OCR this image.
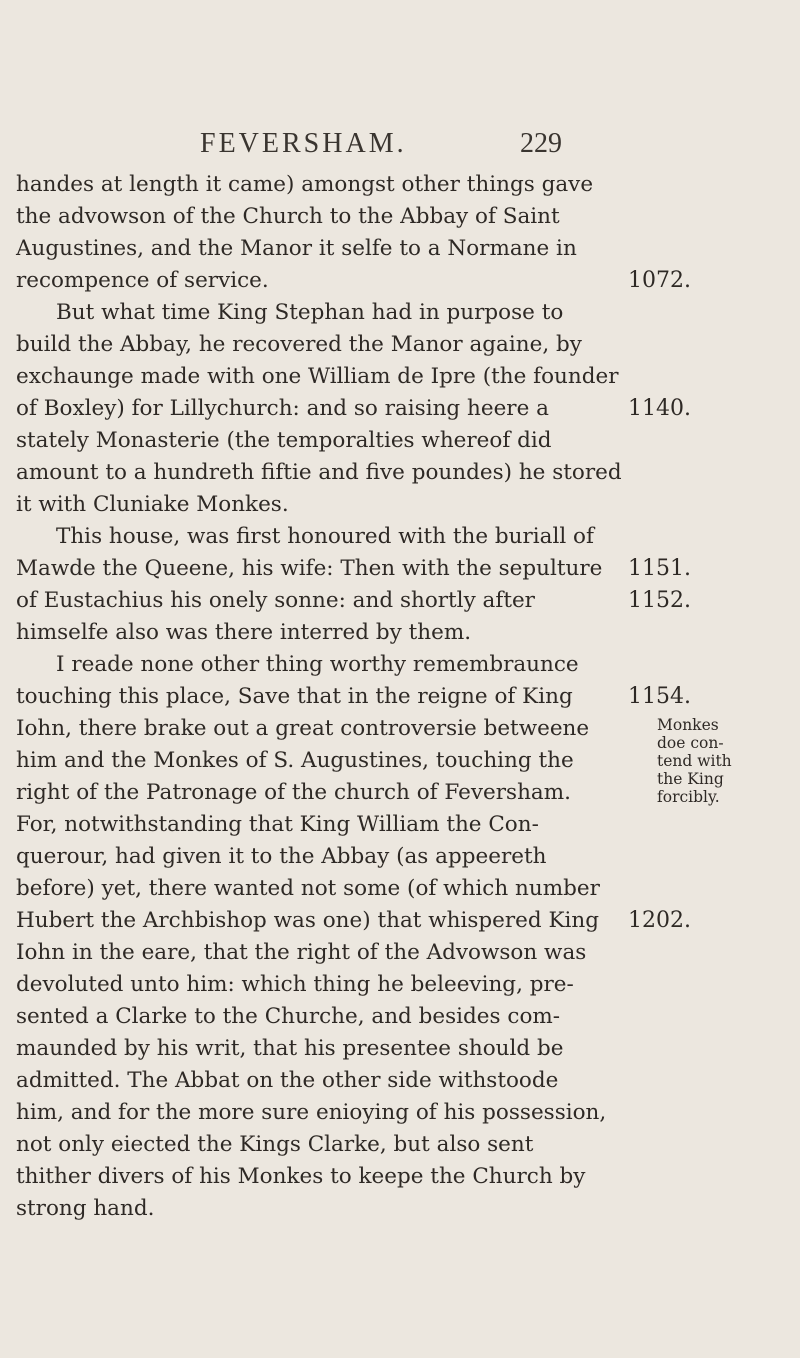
FEVERSHAM.	229
handes at length it came) amongst other things gave
the advowson of the Church to the Abbay of Saint
Augustines, and the Manor it selfe to a Normane in
recompence of service.
But what time King Stephan had in purpose to
build the Abbay, he recovered the Manor againe, by
exchaunge made with one William de Ipre (the founder
of Boxley) for Lillychurch: and so raising heere a
stately Monasterie (the temporalties whereof did
amount to a hundreth fiftie and five poundes) he stored
it with Cluniake Monkes.
This house, was first honoured with the buriall of
Mawde the Queene, his wife: Then with the sepulture
of Eustachius his onely sonne: and shortly after
himselfe also was there interred by them.
I reade none other thing worthy remembraunce
touching this place, Save that in the reigne of King
Iohn, there brake out a great controversie betweene
him and the Monkes of S. Augustines, touching the
right of the Patronage of the church of Feversham.
For, notwithstanding that King William the Con-
querour, had given it to the Abbay (as appeereth
before) yet, there wanted not some (of which number
Hubert the Archbishop was one) that whispered King
Iohn in the eare, that the right of the Advowson was
devoluted unto him: which thing he beleeving, pre-
sented a Clarke to the Churche, and besides com-
maunded by his writ, that his presentee should be
admitted. The Abbat on the other side withstoode
him, and for the more sure enioying of his possession,
not only eiected the Kings Clarke, but also sent
thither divers of his Monkes to keepe the Church by
strong hand.
1072.
1140.
1151.
1152.
1154.
1202.
Monkes
doe con-
tend with
the King
forcibly.
